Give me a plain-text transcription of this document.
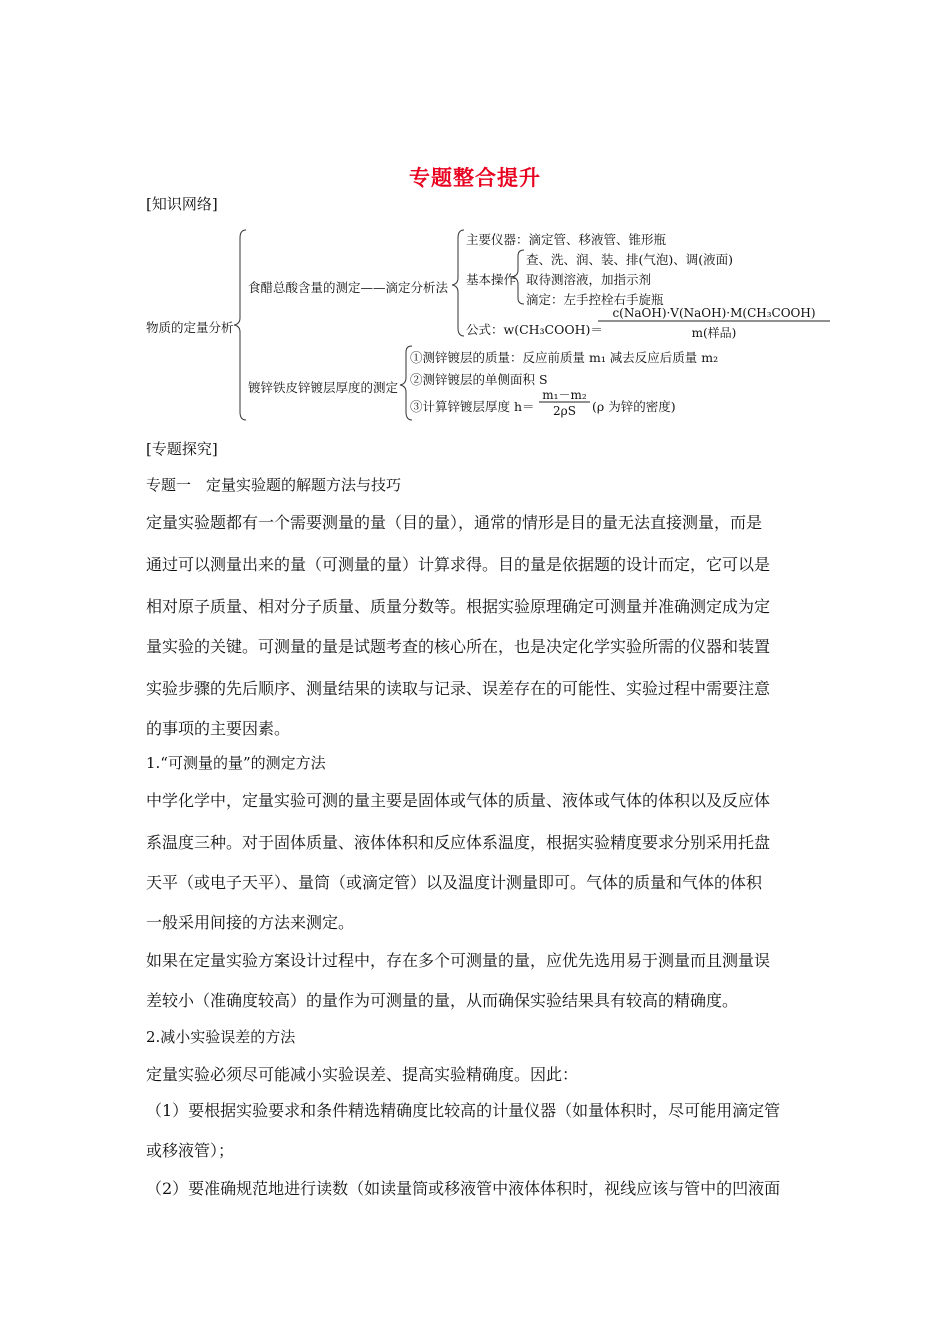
专题整合提升
[知识网络]
物质的定量分析
食醋总酸含量的测定——滴定分析法
主要仪器：滴定管、移液管、锥形瓶
基本操作
查、洗、润、装、排(气泡)、调(液面)
取待测溶液，加指示剂
滴定：左手控栓右手旋瓶
公式：w(CH₃COOH)＝
c(NaOH)·V(NaOH)·M(CH₃COOH)
m(样品)
镀锌铁皮锌镀层厚度的测定
①测锌镀层的质量：反应前质量 m₁ 减去反应后质量 m₂
②测锌镀层的单侧面积 S
③计算锌镀层厚度 h＝
m₁－m₂
2ρS	(ρ 为锌的密度)
[专题探究]
专题一　定量实验题的解题方法与技巧
定量实验题都有一个需要测量的量（目的量），通常的情形是目的量无法直接测量，而是
通过可以测量出来的量（可测量的量）计算求得。目的量是依据题的设计而定，它可以是
相对原子质量、相对分子质量、质量分数等。根据实验原理确定可测量并准确测定成为定
量实验的关键。可测量的量是试题考查的核心所在，也是决定化学实验所需的仪器和装置
实验步骤的先后顺序、测量结果的读取与记录、误差存在的可能性、实验过程中需要注意
的事项的主要因素。
1.“可测量的量”的测定方法
中学化学中，定量实验可测的量主要是固体或气体的质量、液体或气体的体积以及反应体
系温度三种。对于固体质量、液体体积和反应体系温度，根据实验精度要求分别采用托盘
天平（或电子天平）、量筒（或滴定管）以及温度计测量即可。气体的质量和气体的体积
一般采用间接的方法来测定。
如果在定量实验方案设计过程中，存在多个可测量的量，应优先选用易于测量而且测量误
差较小（准确度较高）的量作为可测量的量，从而确保实验结果具有较高的精确度。
2.减小实验误差的方法
定量实验必须尽可能减小实验误差、提高实验精确度。因此：
（1）要根据实验要求和条件精选精确度比较高的计量仪器（如量体积时，尽可能用滴定管
或移液管）；
（2）要准确规范地进行读数（如读量筒或移液管中液体体积时，视线应该与管中的凹液面
